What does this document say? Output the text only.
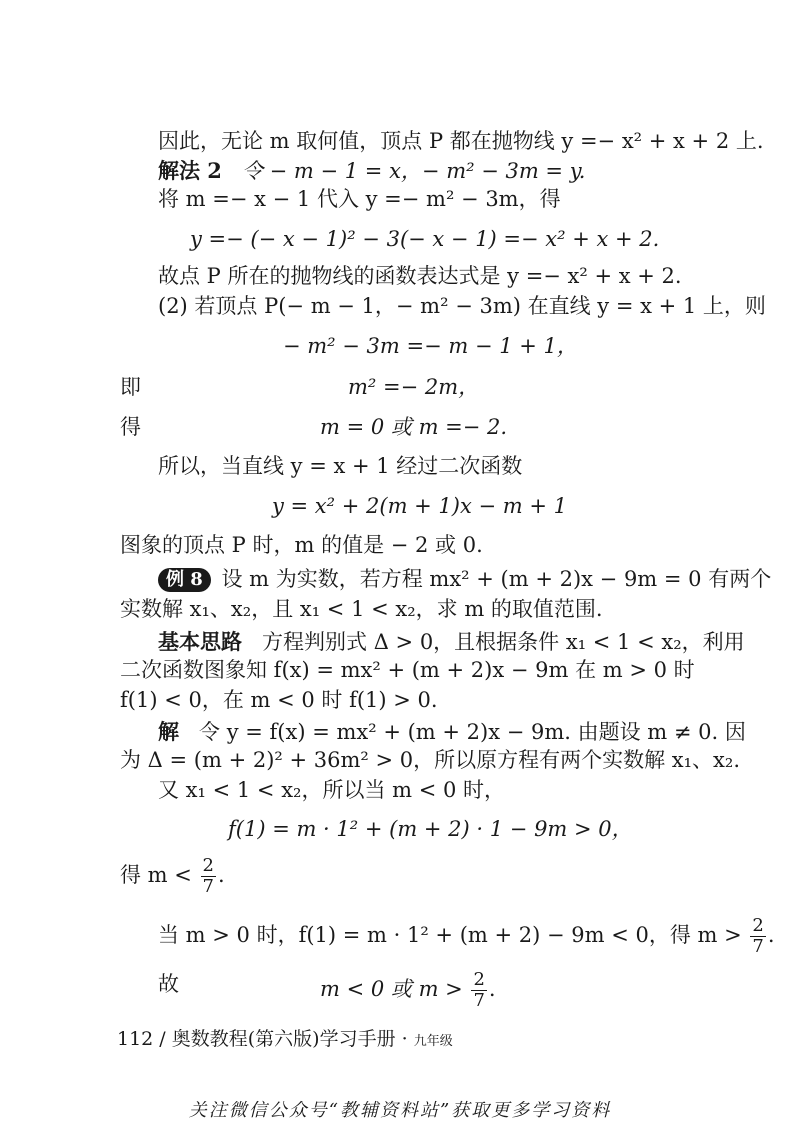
因此，无论 m 取何值，顶点 P 都在抛物线 y =− x² + x + 2 上.
解法 2 令 − m − 1 = x，− m² − 3m = y.
将 m =− x − 1 代入 y =− m² − 3m，得
y =− (− x − 1)² − 3(− x − 1) =− x² + x + 2.
故点 P 所在的抛物线的函数表达式是 y =− x² + x + 2.
(2) 若顶点 P(− m − 1，− m² − 3m) 在直线 y = x + 1 上，则
− m² − 3m =− m − 1 + 1，
即	m² =− 2m，
得	m = 0 或 m =− 2.
所以，当直线 y = x + 1 经过二次函数
y = x² + 2(m + 1)x − m + 1
图象的顶点 P 时，m 的值是 − 2 或 0.
例 8 设 m 为实数，若方程 mx² + (m + 2)x − 9m = 0 有两个
实数解 x₁、x₂，且 x₁ < 1 < x₂，求 m 的取值范围.
基本思路 方程判别式 Δ > 0，且根据条件 x₁ < 1 < x₂，利用
二次函数图象知 f(x) = mx² + (m + 2)x − 9m 在 m > 0 时
f(1) < 0，在 m < 0 时 f(1) > 0.
解 令 y = f(x) = mx² + (m + 2)x − 9m. 由题设 m ≠ 0. 因
为 Δ = (m + 2)² + 36m² > 0，所以原方程有两个实数解 x₁、x₂.
又 x₁ < 1 < x₂，所以当 m < 0 时，
f(1) = m · 1² + (m + 2) · 1 − 9m > 0，
得 $m < \frac{2}{7}$ .
当 m > 0 时，f(1) = m · 1² + (m + 2) − 9m < 0，得 $m > \frac{2}{7}$ .
故	m < 0 或 $m > \frac{2}{7}$ .
112 / 奥数教程(第六版)学习手册 · 九年级
关注微信公众号“教辅资料站”获取更多学习资料
